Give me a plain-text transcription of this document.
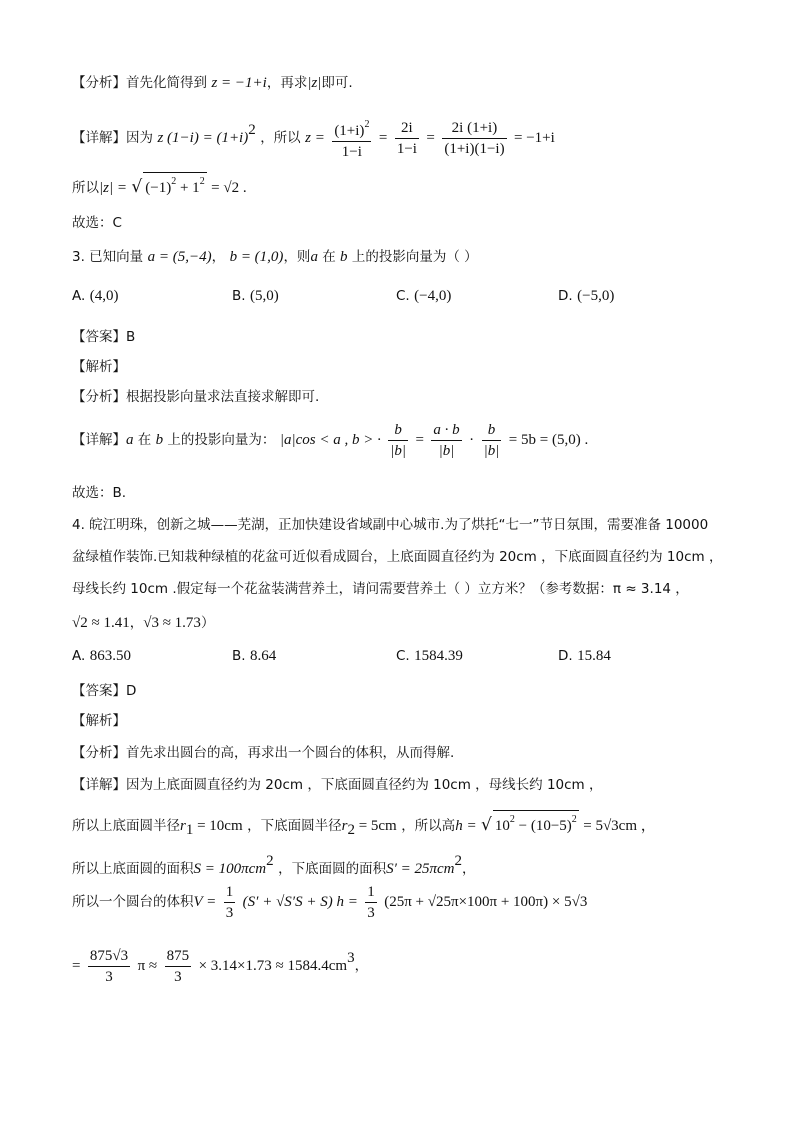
【分析】首先化简得到 z = −1+i，再求|z|即可.
【详解】因为 z $(1-i) = (1+i)^2$ ，所以 $z = \frac{(1+i)^2}{1-i} = \frac{2i}{1-i} = \frac{2i (1+i)}{(1+i)(1-i)} = -1+i$
所以|z| = √ $(-1)^2 + 1^2 = √2$ .
故选：C
3. 已知向量 a = (5,−4)， b = (1,0)，则a 在 b 上的投影向量为（ ）
A. (4,0)	B. (5,0)	C. (−4,0)	D. (−5,0)
【答案】B
【解析】
【分析】根据投影向量求法直接求解即可.
【详解】a 在 b 上的投影向量为： |a|cos < a , b > · $\frac{b}{|b|} = \frac{a \cdot b}{|b|} \cdot \frac{b}{|b|} = 5b = (5,0)$ .
故选：B.
4. 皖江明珠，创新之城——芜湖，正加快建设省域副中心城市.为了烘托“七一”节日氛围，需要准备 10000
盆绿植作装饰.已知栽种绿植的花盆可近似看成圆台，上底面圆直径约为 20cm ，下底面圆直径约为 10cm ，
母线长约 10cm .假定每一个花盆装满营养土，请问需要营养土（ ）立方米？（参考数据：π ≈ 3.14 ，
√2 ≈ 1.41，√3 ≈ 1.73）
A. 863.50	B. 8.64	C. 1584.39	D. 15.84
【答案】D
【解析】
【分析】首先求出圆台的高，再求出一个圆台的体积，从而得解.
【详解】因为上底面圆直径约为 20cm ，下底面圆直径约为 10cm ，母线长约 10cm ，
所以上底面圆半径$r_1 = 10cm$ ，下底面圆半径$r_2 = 5cm$ ，所以高h = √ $10^2 - (10-5)^2 = 5√3cm$ ，
所以上底面圆的面积S = 100πcm$^2$ ，下底面圆的面积S′ = 25πcm$^2$，
所以一个圆台的体积$V = \frac{1}{3} (S' + √S'S + S) h = \frac{1}{3} (25\pi + √25\pi\times 100\pi + 100\pi) \times 5√3$
= $\frac{875√3}{3}$ $\pi \approx \frac{875}{3} \times 3.14\times 1.73 \approx 1584.4cm^3$，
